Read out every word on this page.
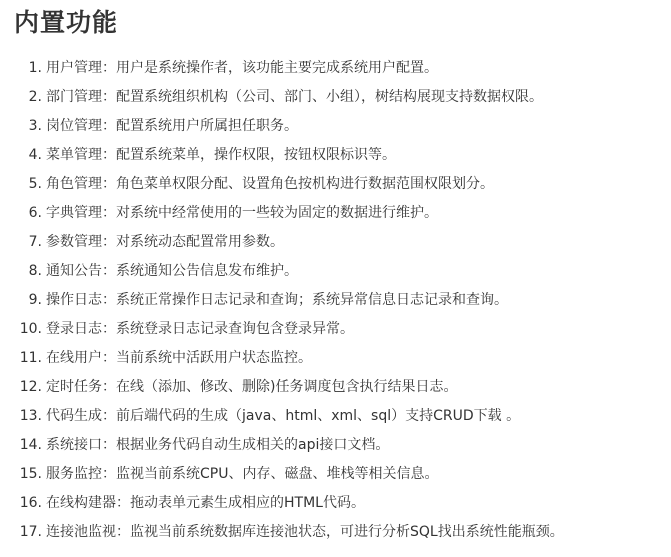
内置功能
1. 用户管理：用户是系统操作者，该功能主要完成系统用户配置。
2. 部门管理：配置系统组织机构（公司、部门、小组），树结构展现支持数据权限。
3. 岗位管理：配置系统用户所属担任职务。
4. 菜单管理：配置系统菜单，操作权限，按钮权限标识等。
5. 角色管理：角色菜单权限分配、设置角色按机构进行数据范围权限划分。
6. 字典管理：对系统中经常使用的一些较为固定的数据进行维护。
7. 参数管理：对系统动态配置常用参数。
8. 通知公告：系统通知公告信息发布维护。
9. 操作日志：系统正常操作日志记录和查询；系统异常信息日志记录和查询。
10. 登录日志：系统登录日志记录查询包含登录异常。
11. 在线用户：当前系统中活跃用户状态监控。
12. 定时任务：在线（添加、修改、删除)任务调度包含执行结果日志。
13. 代码生成：前后端代码的生成（java、html、xml、sql）支持CRUD下载 。
14. 系统接口：根据业务代码自动生成相关的api接口文档。
15. 服务监控：监视当前系统CPU、内存、磁盘、堆栈等相关信息。
16. 在线构建器：拖动表单元素生成相应的HTML代码。
17. 连接池监视：监视当前系统数据库连接池状态，可进行分析SQL找出系统性能瓶颈。
